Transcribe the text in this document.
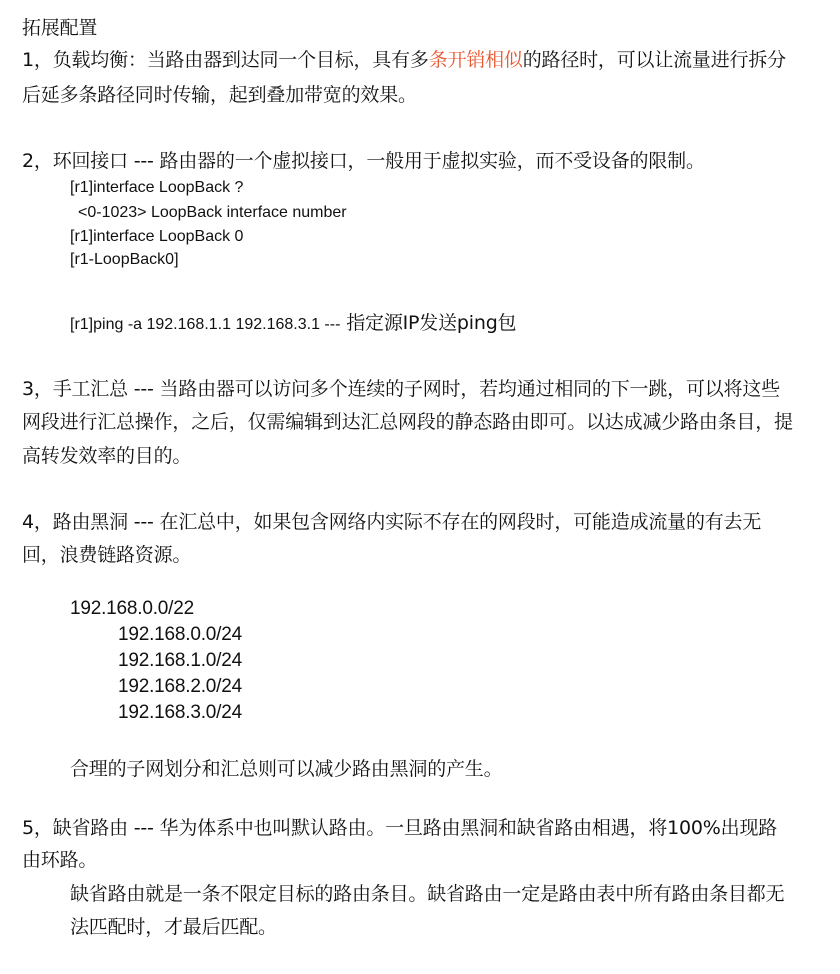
拓展配置
1，负载均衡：当路由器到达同一个目标，具有多条开销相似的路径时，可以让流量进行拆分
后延多条路径同时传输，起到叠加带宽的效果。
2，环回接口 --- 路由器的一个虚拟接口，一般用于虚拟实验，而不受设备的限制。
[r1]interface LoopBack ?
<0-1023> LoopBack interface number
[r1]interface LoopBack 0
[r1-LoopBack0]
[r1]ping -a 192.168.1.1 192.168.3.1 --- 指定源IP发送ping包
3，手工汇总 --- 当路由器可以访问多个连续的子网时，若均通过相同的下一跳，可以将这些
网段进行汇总操作，之后，仅需编辑到达汇总网段的静态路由即可。以达成减少路由条目，提
高转发效率的目的。
4，路由黑洞 --- 在汇总中，如果包含网络内实际不存在的网段时，可能造成流量的有去无
回，浪费链路资源。
192.168.0.0/22
192.168.0.0/24
192.168.1.0/24
192.168.2.0/24
192.168.3.0/24
合理的子网划分和汇总则可以减少路由黑洞的产生。
5，缺省路由 --- 华为体系中也叫默认路由。一旦路由黑洞和缺省路由相遇，将100%出现路
由环路。
缺省路由就是一条不限定目标的路由条目。缺省路由一定是路由表中所有路由条目都无
法匹配时，才最后匹配。
